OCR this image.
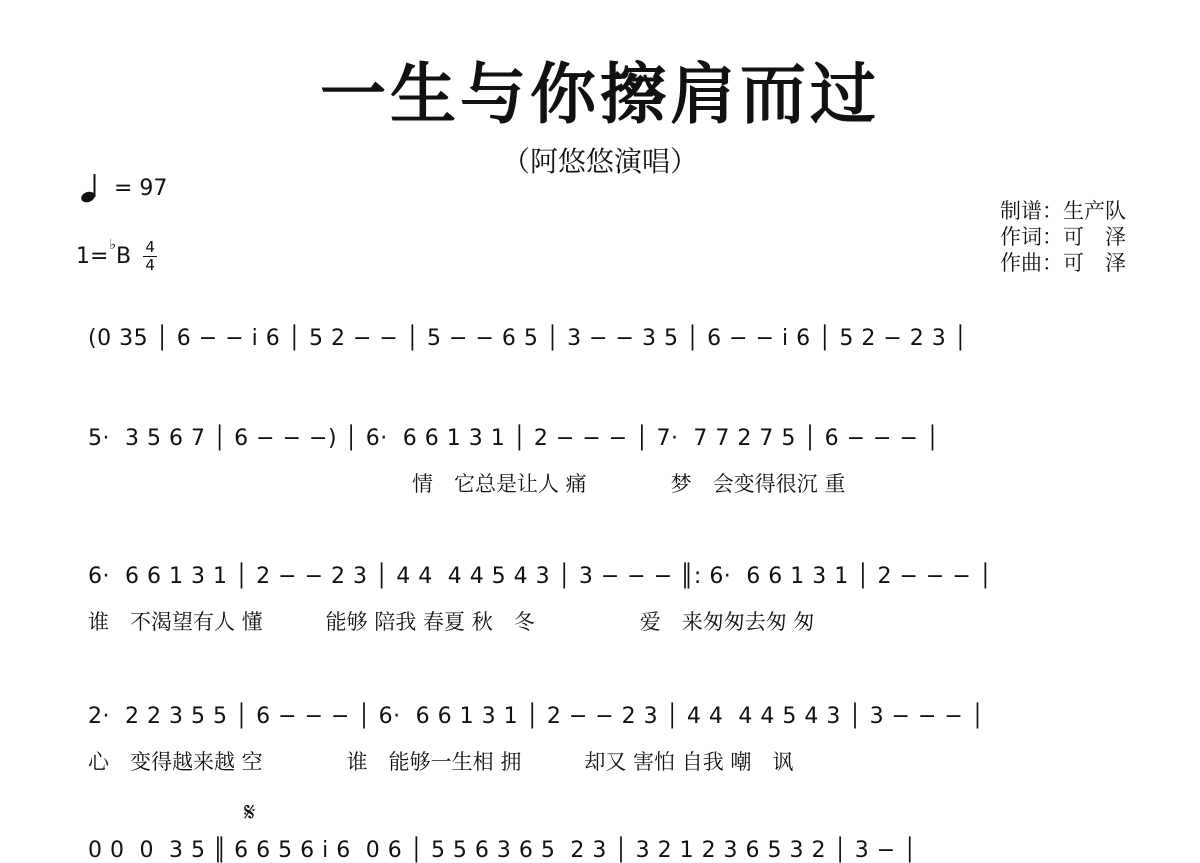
一生与你擦肩而过
（阿悠悠演唱）
= 97
1= ♭ B $\frac{4}{4}$
制谱：生产队
作词：可　泽
作曲：可　泽
(0 35 │ 6 − − i 6 │ 5 2 − − │ 5 − − 6 5 │ 3 − − 3 5 │ 6 − − i 6 │ 5 2 − 2 3 │
5·  3 5 6 7 │ 6 − − −) │ 6·  6 6 1 3 1 │ 2 − − − │ 7·  7 7 2 7 5 │ 6 − − − │
情　它总是让人 痛　　　　梦　会变得很沉 重
6·  6 6 1 3 1 │ 2 − − 2 3 │ 4 4  4 4 5 4 3 │ 3 − − − ║: 6·  6 6 1 3 1 │ 2 − − − │
谁　不渴望有人 懂　　　能够 陪我 春夏 秋　冬　　　　　爱　来匆匆去匆 匆
2·  2 2 3 5 5 │ 6 − − − │ 6·  6 6 1 3 1 │ 2 − − 2 3 │ 4 4  4 4 5 4 3 │ 3 − − − │
心　变得越来越 空　　　　谁　能够一生相 拥　　　却又 害怕 自我 嘲　讽
𝄋
0 0  0  3 5 ║ 6 6 5 6 i 6  0 6 │ 5 5 6 3 6 5  2 3 │ 3 2 1 2 3 6 5 3 2 │ 3 − │
